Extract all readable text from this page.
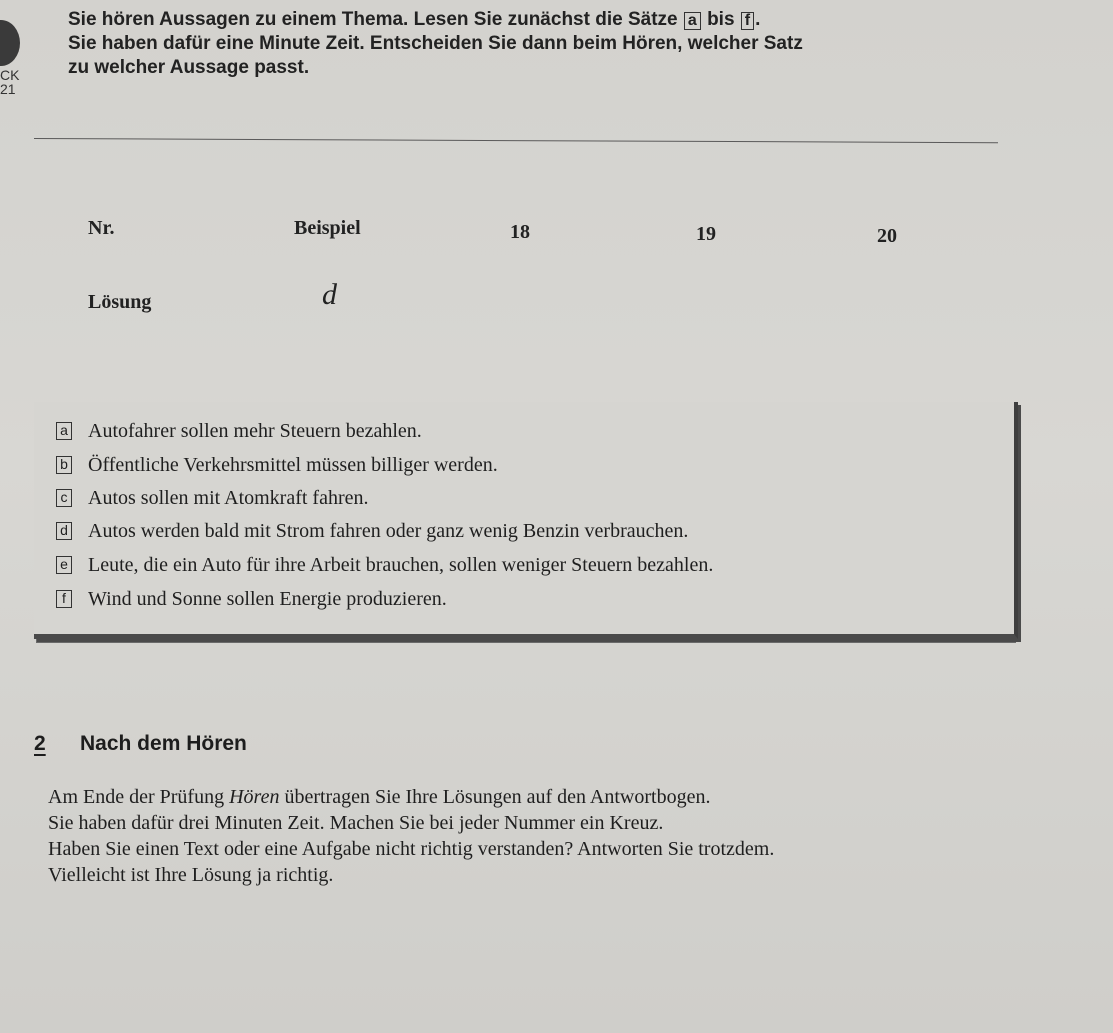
CK
21
Sie hören Aussagen zu einem Thema. Lesen Sie zunächst die Sätze a bis f .
Sie haben dafür eine Minute Zeit. Entscheiden Sie dann beim Hören, welcher Satz
zu welcher Aussage passt.
Nr.	Beispiel	18	19	20
Lösung	d
a Autofahrer sollen mehr Steuern bezahlen.
b Öffentliche Verkehrsmittel müssen billiger werden.
c Autos sollen mit Atomkraft fahren.
d Autos werden bald mit Strom fahren oder ganz wenig Benzin verbrauchen.
e Leute, die ein Auto für ihre Arbeit brauchen, sollen weniger Steuern bezahlen.
f Wind und Sonne sollen Energie produzieren.
2 Nach dem Hören

Am Ende der Prüfung Hören übertragen Sie Ihre Lösungen auf den Antwortbogen.

Sie haben dafür drei Minuten Zeit. Machen Sie bei jeder Nummer ein Kreuz.

Haben Sie einen Text oder eine Aufgabe nicht richtig verstanden? Antworten Sie trotzdem.

Vielleicht ist Ihre Lösung ja richtig.
